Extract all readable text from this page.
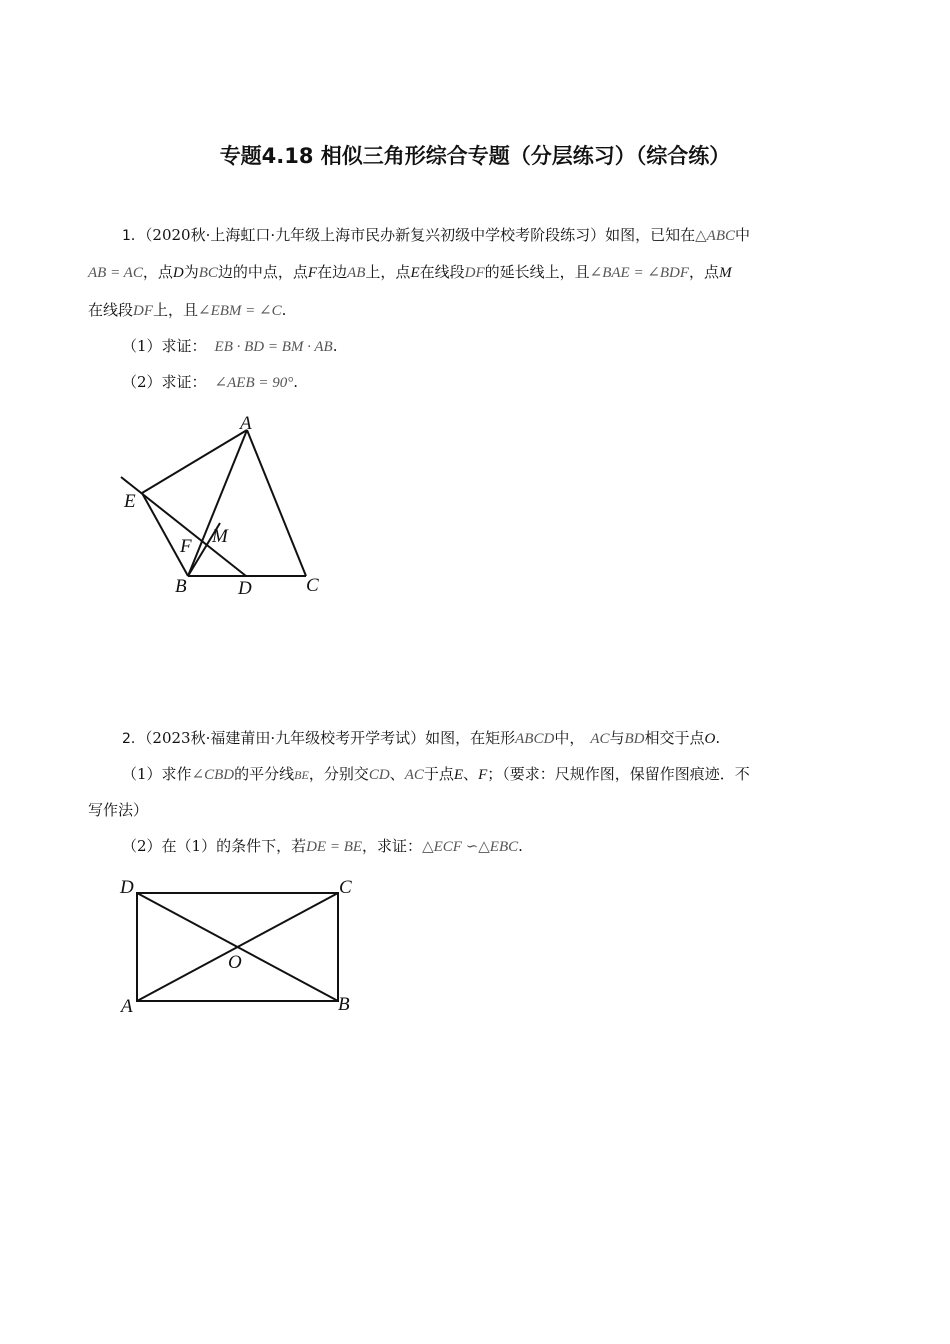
专题4.18 相似三角形综合专题（分层练习）（综合练）
1．（2020秋·上海虹口·九年级上海市民办新复兴初级中学校考阶段练习）如图，已知在△ABC中
AB = AC，点D为BC边的中点，点F在边AB上，点E在线段DF的延长线上，且∠BAE = ∠BDF，点M
在线段DF上，且∠EBM = ∠C.
（1）求证： EB · BD = BM · AB.
（2）求证： ∠AEB = 90°.
A
E
M
F
B	D	C
2．（2023秋·福建莆田·九年级校考开学考试）如图，在矩形ABCD中， AC与BD相交于点O.
（1）求作∠CBD的平分线BE，分别交CD、AC于点E、F；（要求：尺规作图，保留作图痕迹．不
写作法）
（2）在（1）的条件下，若DE = BE，求证：△ECF ∽△EBC.
D	C
O
A	B
